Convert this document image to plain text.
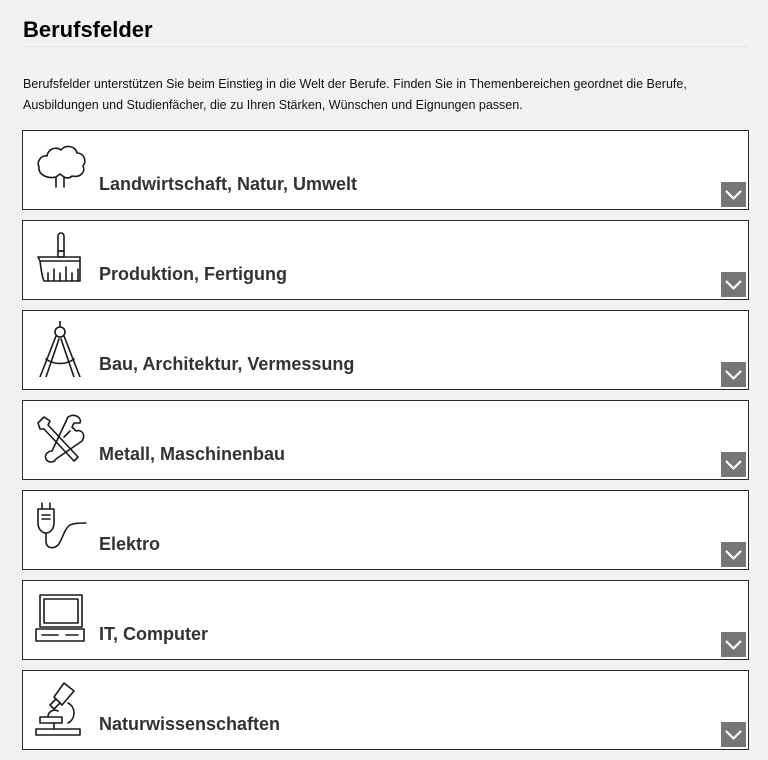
Berufsfelder

Berufsfelder unterstützen Sie beim Einstieg in die Welt der Berufe. Finden Sie in Themenbereichen geordnet die Berufe, Ausbildungen und Studienfächer, die zu Ihren Stärken, Wünschen und Eignungen passen.

Landwirtschaft, Natur, Umwelt
Produktion, Fertigung
Bau, Architektur, Vermessung
Metall, Maschinenbau
Elektro
IT, Computer
Naturwissenschaften
